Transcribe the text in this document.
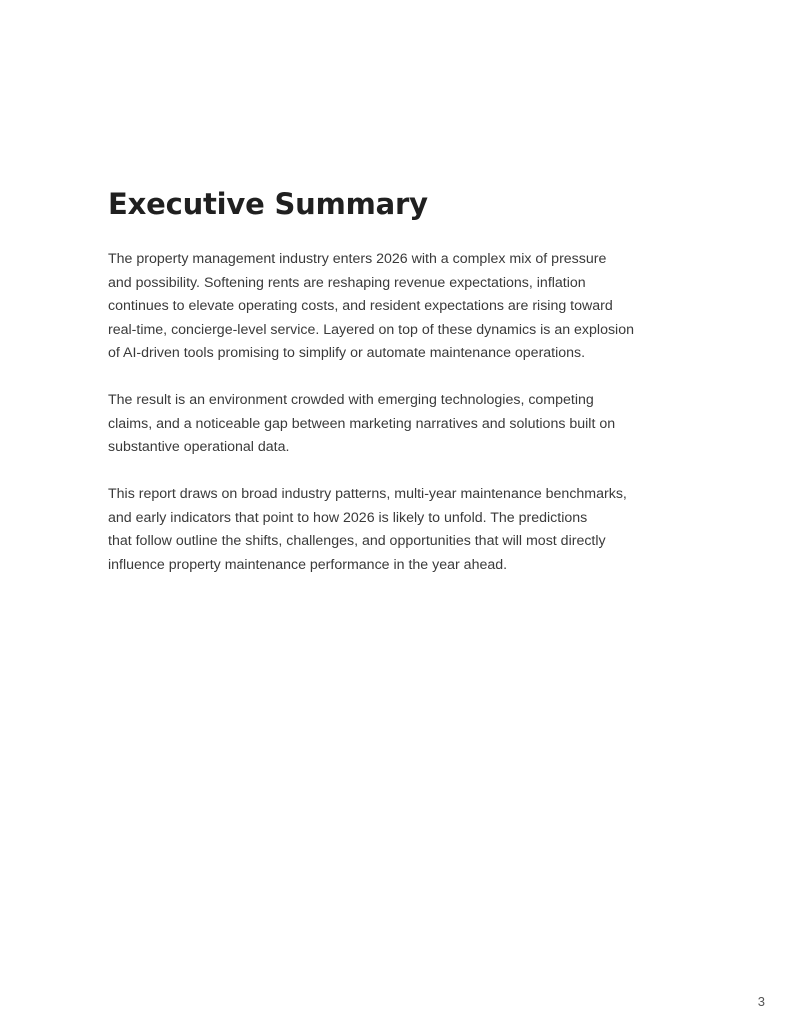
Executive Summary

The property management industry enters 2026 with a complex mix of pressure
and possibility. Softening rents are reshaping revenue expectations, inflation
continues to elevate operating costs, and resident expectations are rising toward
real-time, concierge-level service. Layered on top of these dynamics is an explosion
of AI-driven tools promising to simplify or automate maintenance operations.

The result is an environment crowded with emerging technologies, competing
claims, and a noticeable gap between marketing narratives and solutions built on
substantive operational data.

This report draws on broad industry patterns, multi-year maintenance benchmarks,
and early indicators that point to how 2026 is likely to unfold. The predictions
that follow outline the shifts, challenges, and opportunities that will most directly
influence property maintenance performance in the year ahead.

3
